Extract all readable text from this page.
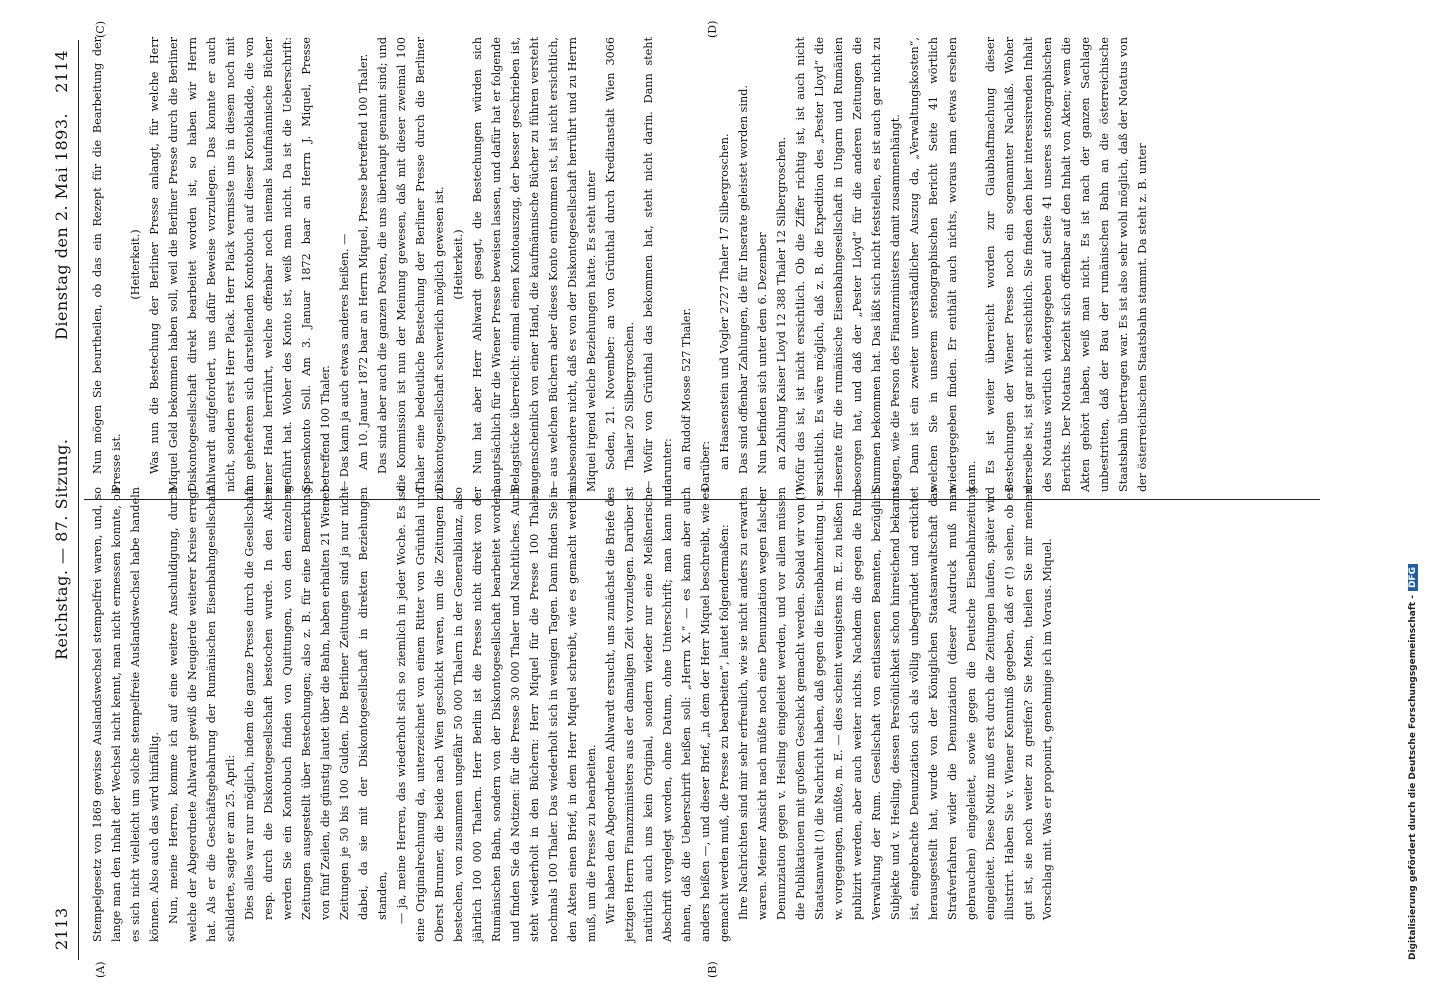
2113
Reichstag. — 87. Sitzung.
Dienstag den 2. Mai 1893.
2114
(A)	(B)
(C)	(D)

Stempelgesetz von 1869 gewisse Auslandswechsel stempelfrei waren, und, so lange man den Inhalt der Wechsel nicht kennt, man nicht ermessen konnte, ob es sich nicht vielleicht um solche stempelfreie Auslandswechsel habe handeln können. Also auch das wird hinfällig. Nun, meine Herren, komme ich auf eine weitere Anschuldigung, durch welche der Abgeordnete Ahlwardt gewiß die Neugierde weiterer Kreise erregt hat. Als er die Geschäftsgebahrung der Rumänischen Eisenbahngesellschaft schilderte, sagte er am 25. April: Dies alles war nur möglich, indem die ganze Presse durch die Gesellschaft resp. durch die Diskontogesellschaft bestochen wurde. In den Akten werden Sie ein Kontobuch finden von Quittungen, von den einzelnen Zeitungen ausgestellt über Bestechungen; also z. B. für eine Bemerkung von fünf Zeilen, die günstig lautet über die Bahn, haben erhalten 21 Wiener Zeitungen je 50 bis 100 Gulden. Die Berliner Zeitungen sind ja nur nicht dabei, da sie mit der Diskontogesellschaft in direkten Beziehungen standen, — ja, meine Herren, das wiederholt sich so ziemlich in jeder Woche. Es ist eine Originalrechnung da, unterzeichnet von einem Ritter von Grünthal und Oberst Brunner, die beide nach Wien geschickt waren, um die Zeitungen zu bestechen, von zusammen ungefähr 50 000 Thalern in der Generalbilanz, also jährlich 100 000 Thalern. Herr Berlin ist die Presse nicht direkt von der Rumänischen Bahn, sondern von der Diskontogesellschaft bearbeitet worden, und finden Sie da Notizen: für die Presse 30 000 Thaler und Nachtliches. Auch steht wiederholt in den Büchern: Herr Miquel für die Presse 100 Thaler, nochmals 100 Thaler. Das wiederholt sich in wenigen Tagen. Dann finden Sie in den Akten einen Brief, in dem Herr Miquel schreibt, wie es gemacht werden muß, um die Presse zu bearbeiten. Wir haben den Abgeordneten Ahlwardt ersucht, uns zunächst die Briefe des jetzigen Herrn Finanzministers aus der damaligen Zeit vorzulegen. Darüber ist natürlich auch uns kein Original, sondern wieder nur eine Meißnerische Abschrift vorgelegt worden, ohne Datum, ohne Unterschrift; man kann nur ahnen, daß die Ueberschrift heißen soll: „Herrn X.“ — es kann aber auch anders heißen —, und dieser Brief, „in dem der Herr Miquel beschreibt, wie es gemacht werden muß, die Presse zu bearbeiten“, lautet folgendermaßen: Ihre Nachrichten sind mir sehr erfreulich, wie sie nicht anders zu erwarten waren. Meiner Ansicht nach müßte noch eine Denunziation wegen falscher Denunziation gegen v. Hesling eingeleitet werden, und vor allem müssen die Publikationen mit großem Geschick gemacht werden. Sobald wir von (!) Staatsanwalt (!) die Nachricht haben, daß gegen die Eisenbahnzeitung u. s. w. vorgegangen, müßte, m. E. — dies scheint wenigstens m. E. zu heißen — publizirt werden, aber auch weiter nichts. Nachdem die gegen die Rum. Verwaltung der Rum. Gesellschaft von entlassenen Beamten, bezüglich Subjekte und v. Hesling, dessen Persönlichkeit schon hinreichend bekannt ist, eingebrachte Denunziation sich als völlig unbegründet und erdichtet herausgestellt hat, wurde von der Königlichen Staatsanwaltschaft das Strafverfahren wider die Denunziation (dieser Ausdruck muß man gebrauchen) eingeleitet, sowie gegen die Deutsche Eisenbahnzeitung eingeleitet. Diese Notiz muß erst durch die Zeitungen laufen, später wird illustrirt. Haben Sie v. Wiener Kenntniß gegeben, daß er (!) sehen, ob es gut ist, sie noch weiter zu greifen? Sie Mein, theilen Sie mir meinen Vorschlag mit. Was er proponirt, genehmige ich im Voraus. Miquel.

Nun mögen Sie beurtheilen, ob das ein Rezept für die Bearbeitung der Presse ist.

(Heiterkeit.) Was nun die Bestechung der Berliner Presse anlangt, für welche Herr Miquel Geld bekommen haben soll, weil die Berliner Presse durch die Berliner Diskontogesellschaft direkt bearbeitet worden ist, so haben wir Herrn Ahlwardt aufgefordert, uns dafür Beweise vorzulegen. Das konnte er auch nicht, sondern erst Herr Plack. Herr Plack vermisste uns in diesem noch mit am geheftetem sich darstellenden Kontobuch auf dieser Kontokladde, die von einer Hand herrührt, welche offenbar noch niemals kaufmännische Bücher geführt hat. Woher des Konto ist, weiß man nicht. Da ist die Ueberschrift: Spesenkonto Soll. Am 3. Januar 1872 baar an Herrn J. Miquel, Presse betreffend 100 Thaler. — Das kann ja auch etwas anderes heißen. — Am 10. Januar 1872 baar an Herrn Miquel, Presse betreffend 100 Thaler. Das sind aber auch die ganzen Posten, die uns überhaupt genannt sind; und die Kommission ist nun der Meinung gewesen, daß mit dieser zweimal 100 Thaler eine bedeutliche Bestechung der Berliner Presse durch die Berliner Diskontogesellschaft schwerlich möglich gewesen ist. (Heiterkeit.) Nun hat aber Herr Ahlwardt gesagt, die Bestechungen würden sich hauptsächlich für die Wiener Presse beweisen lassen, und dafür hat er folgende Belagstücke überreicht: einmal einen Kontoauszug, der besser geschrieben ist, augenscheinlich von einer Hand, die kaufmännische Bücher zu führen versteht — aus welchen Büchern aber dieses Konto entnommen ist, ist nicht ersichtlich, insbesondere nicht, daß es von der Diskontogesellschaft herrührt und zu Herrn Miquel irgend welche Beziehungen hatte. Es steht unter Soden, 21. November: an von Grünthal durch Kreditanstalt Wien 3066 Thaler 20 Silbergroschen. — Wofür von Grünthal das bekommen hat, steht nicht darin. Dann steht darunter: an Rudolf Mosse 527 Thaler. Darüber: an Haasenstein und Vogler 2727 Thaler 17 Silbergroschen. Das sind offenbar Zahlungen, die für Inserate geleistet worden sind. Nun befinden sich unter dem 6. Dezember an Zahlung Kaiser Lloyd 12 388 Thaler 12 Silbergroschen. Wofür das ist, ist nicht ersichtlich. Ob die Ziffer richtig ist, ist auch nicht ersichtlich. Es wäre möglich, daß z. B. die Expedition des „Pester Lloyd“ die Inserate für die rumänische Eisenbahngesellschaft in Ungarn und Rumänien besorgen hat, und daß der „Pester Lloyd“ für die anderen Zeitungen die Summen bekommen hat. Das läßt sich nicht feststellen, es ist auch gar nicht zu sagen, wie die Person des Finanzministers damit zusammenhängt. Dann ist ein zweiter unverständlicher Auszug da, „Verwaltungskosten“, welchen Sie in unserem stenographischen Bericht Seite 41 wörtlich wiedergegeben finden. Er enthält auch nichts, woraus man etwas ersehen kann.

Es ist weiter überreicht worden zur Glaubhaftmachung dieser Bestechungen der Wiener Presse noch ein sogenannter Nachlaß. Woher derselbe ist, ist gar nicht ersichtlich. Sie finden den hier interessirenden Inhalt des Notatus wörtlich wiedergegeben auf Seite 41 unseres stenographischen Berichts. Der Notatus bezieht sich offenbar auf den Inhalt von Akten; wem die Akten gehört haben, weiß man nicht. Es ist nach der ganzen Sachlage unbestritten, daß der Bau der rumänischen Bahn an die österreichische Staatsbahn übertragen war. Es ist also sehr wohl möglich, daß der Notatus von der österreichischen Staatsbahn stammt. Da steht z. B. unter

Digitalisierung gefördert durch die Deutsche Forschungsgemeinschaft -DFG
